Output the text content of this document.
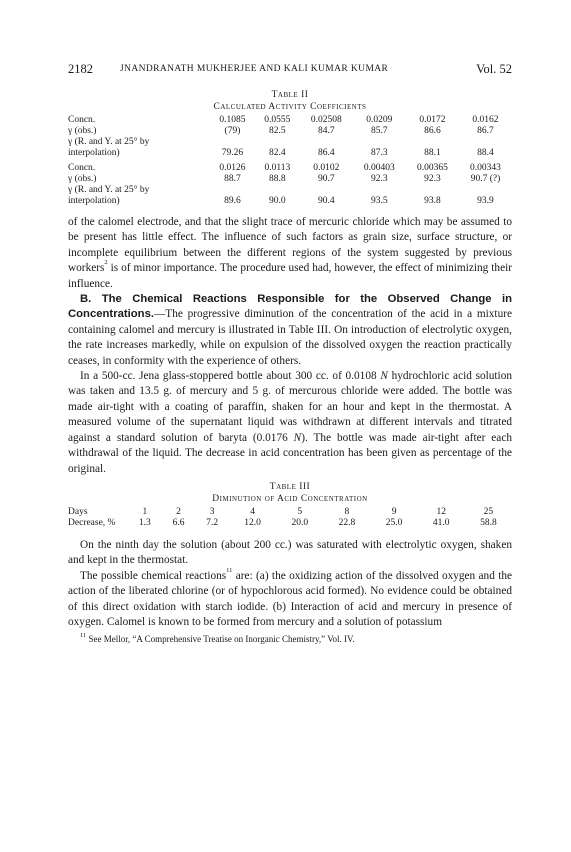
2182	JNANDRANATH MUKHERJEE AND KALI KUMAR KUMAR	Vol. 52
Table II
Calculated Activity Coefficients
Concn.	0.1085	0.0555	0.02508	0.0209	0.0172	0.0162
γ (obs.)	(79)	82.5	84.7	85.7	86.6	86.7
γ (R. and Y. at 25° by						
interpolation)	79.26	82.4	86.4	87.3	88.1	88.4

Concn.	0.0126	0.0113	0.0102	0.00403	0.00365	0.00343
γ (obs.)	88.7	88.8	90.7	92.3	92.3	90.7 (?)
γ (R. and Y. at 25° by						
interpolation)	89.6	90.0	90.4	93.5	93.8	93.9

of the calomel electrode, and that the slight trace of mercuric chloride which may be assumed to be present has little effect. The influence of such factors as grain size, surface structure, or incomplete equilibrium between the different regions of the system suggested by previous workers$^2$ is of minor importance. The procedure used had, however, the effect of minimizing their influence.

B. The Chemical Reactions Responsible for the Observed Change in Concentrations.—The progressive diminution of the concentration of the acid in a mixture containing calomel and mercury is illustrated in Table III. On introduction of electrolytic oxygen, the rate increases markedly, while on expulsion of the dissolved oxygen the reaction practically ceases, in conformity with the experience of others.

In a 500-cc. Jena glass-stoppered bottle about 300 cc. of 0.0108 N hydrochloric acid solution was taken and 13.5 g. of mercury and 5 g. of mercurous chloride were added. The bottle was made air-tight with a coating of paraffin, shaken for an hour and kept in the thermostat. A measured volume of the supernatant liquid was withdrawn at different intervals and titrated against a standard solution of baryta (0.0176 N). The bottle was made air-tight after each withdrawal of the liquid. The decrease in acid concentration has been given as percentage of the original.

Table III
Diminution of Acid Concentration
Days	1	2	3	4	5	8	9	12	25
Decrease, %	1.3	6.6	7.2	12.0	20.0	22.8	25.0	41.0	58.8

On the ninth day the solution (about 200 cc.) was saturated with electrolytic oxygen, shaken and kept in the thermostat.

The possible chemical reactions$^{11}$ are: (a) the oxidizing action of the dissolved oxygen and the action of the liberated chlorine (or of hypochlorous acid formed). No evidence could be obtained of this direct oxidation with starch iodide. (b) Interaction of acid and mercury in presence of oxygen. Calomel is known to be formed from mercury and a solution of potassium

$^{11}$ See Mellor, “A Comprehensive Treatise on Inorganic Chemistry,” Vol. IV.
